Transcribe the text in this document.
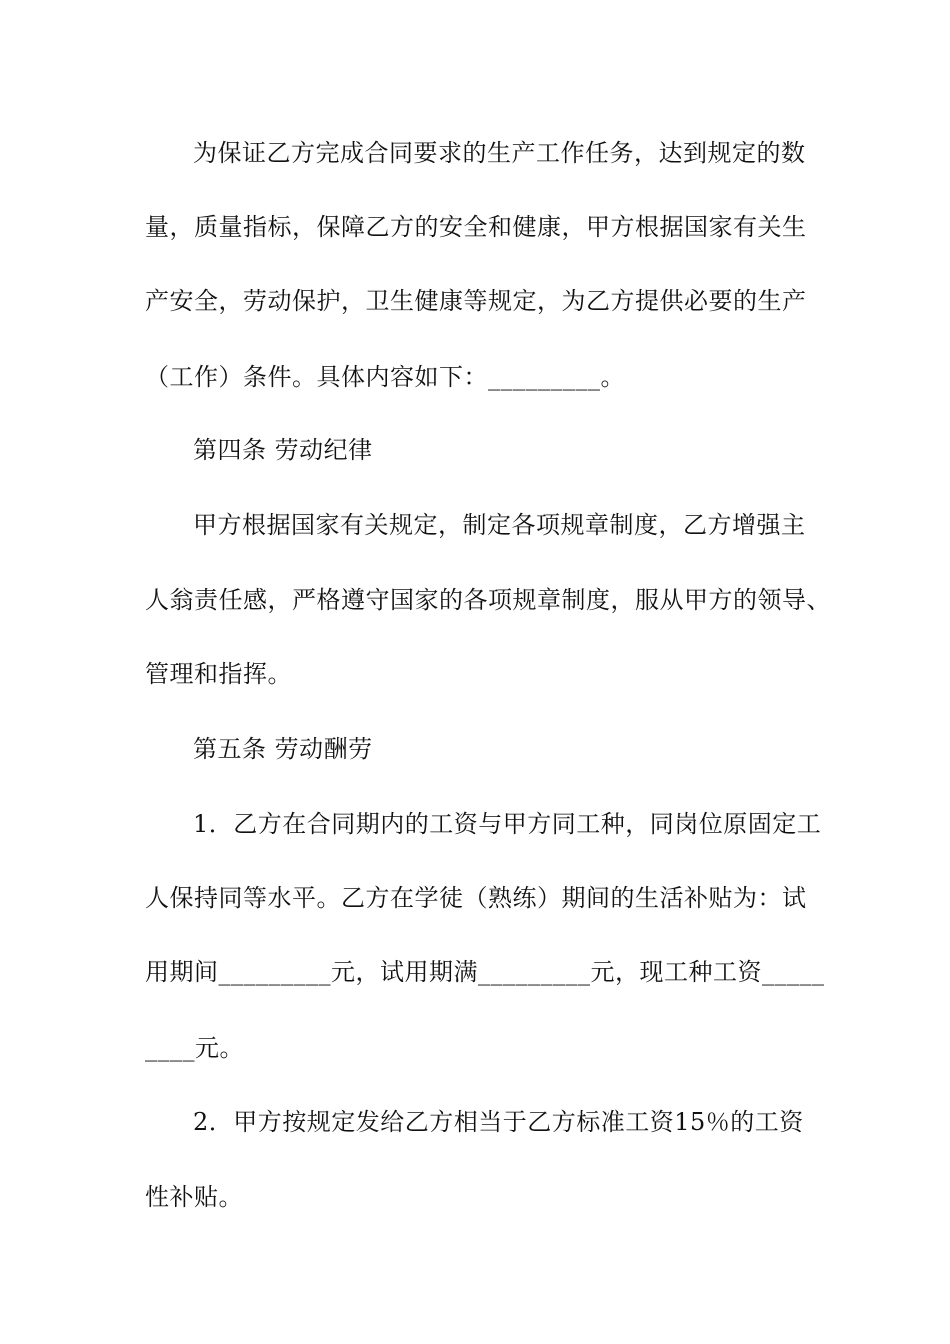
为保证乙方完成合同要求的生产工作任务，达到规定的数
量，质量指标，保障乙方的安全和健康，甲方根据国家有关生
产安全，劳动保护，卫生健康等规定，为乙方提供必要的生产
（工作）条件。具体内容如下：_________。
第四条 劳动纪律
甲方根据国家有关规定，制定各项规章制度，乙方增强主
人翁责任感，严格遵守国家的各项规章制度，服从甲方的领导、
管理和指挥。
第五条 劳动酬劳
1．乙方在合同期内的工资与甲方同工种，同岗位原固定工
人保持同等水平。乙方在学徒（熟练）期间的生活补贴为：试
用期间_________元，试用期满_________元，现工种工资_____
____元。
2．甲方按规定发给乙方相当于乙方标准工资15％的工资
性补贴。
